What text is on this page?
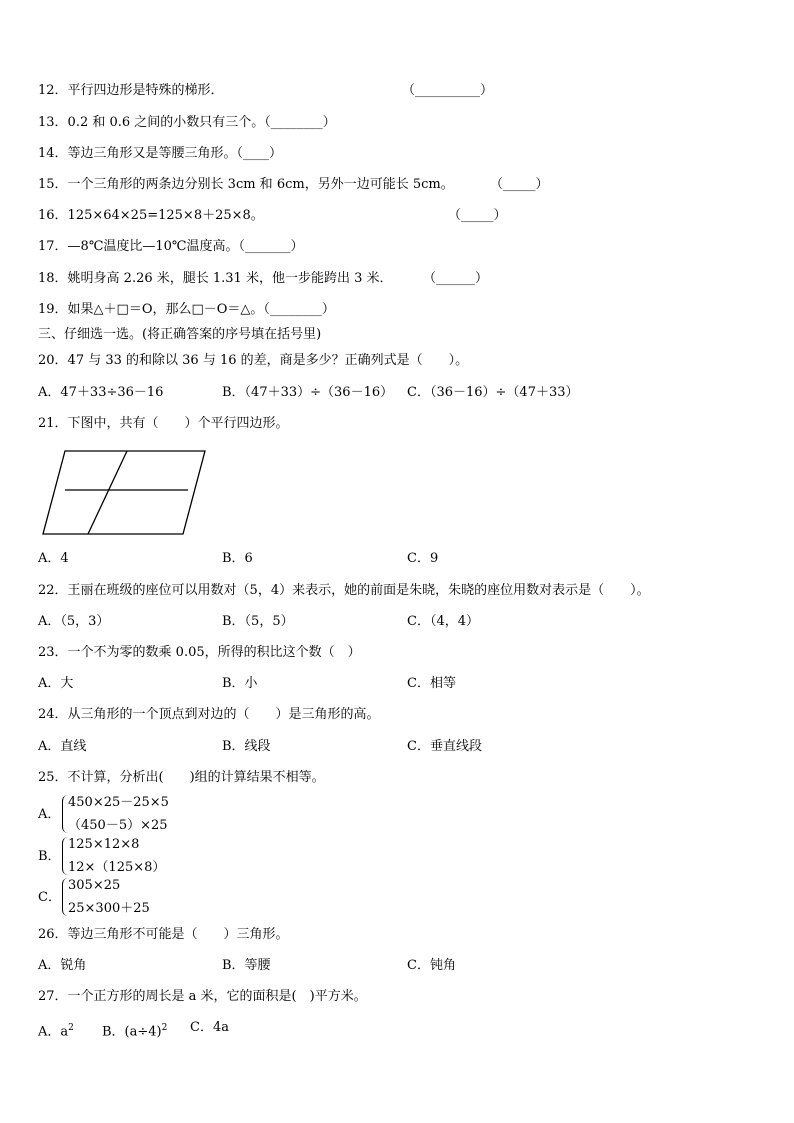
12．平行四边形是特殊的梯形．	（__________）
13．0.2 和 0.6 之间的小数只有三个。（________）
14．等边三角形又是等腰三角形。（____）
15．一个三角形的两条边分别长 3cm 和 6cm，另外一边可能长 5cm。	（_____）
16．125×64×25=125×8＋25×8。	（_____）
17．—8℃温度比—10℃温度高。（_______）
18．姚明身高 2.26 米，腿长 1.31 米，他一步能跨出 3 米． （______）
19．如果△＋□＝O，那么□－O＝△。（________）
三、仔细选一选。(将正确答案的序号填在括号里)
20．47 与 33 的和除以 36 与 16 的差，商是多少？正确列式是（　　）。
A．47＋33÷36－16	B．（47＋33）÷（36－16） C．（36－16）÷（47＋33）
21．下图中，共有（　　）个平行四边形。
A．4	B．6	C．9
22．王丽在班级的座位可以用数对（5，4）来表示，她的前面是朱晓，朱晓的座位用数对表示是（　　）。
A．（5，3）	B．（5，5）	C．（4，4）
23．一个不为零的数乘 0.05，所得的积比这个数（　）
A．大	B．小	C．相等
24．从三角形的一个顶点到对边的（　　）是三角形的高。
A．直线	B．线段	C．垂直线段
25．不计算，分析出(　　)组的计算结果不相等。
A．
450×25－25×5
（450－5）×25
B．
125×12×8
12×（125×8）
C．
305×25
25×300＋25
26．等边三角形不可能是（　　）三角形。
A．锐角	B．等腰	C．钝角
27．一个正方形的周长是 a 米，它的面积是(　)平方米。
A．$a^2$ B．$(a\div 4)^2$ C．4a
